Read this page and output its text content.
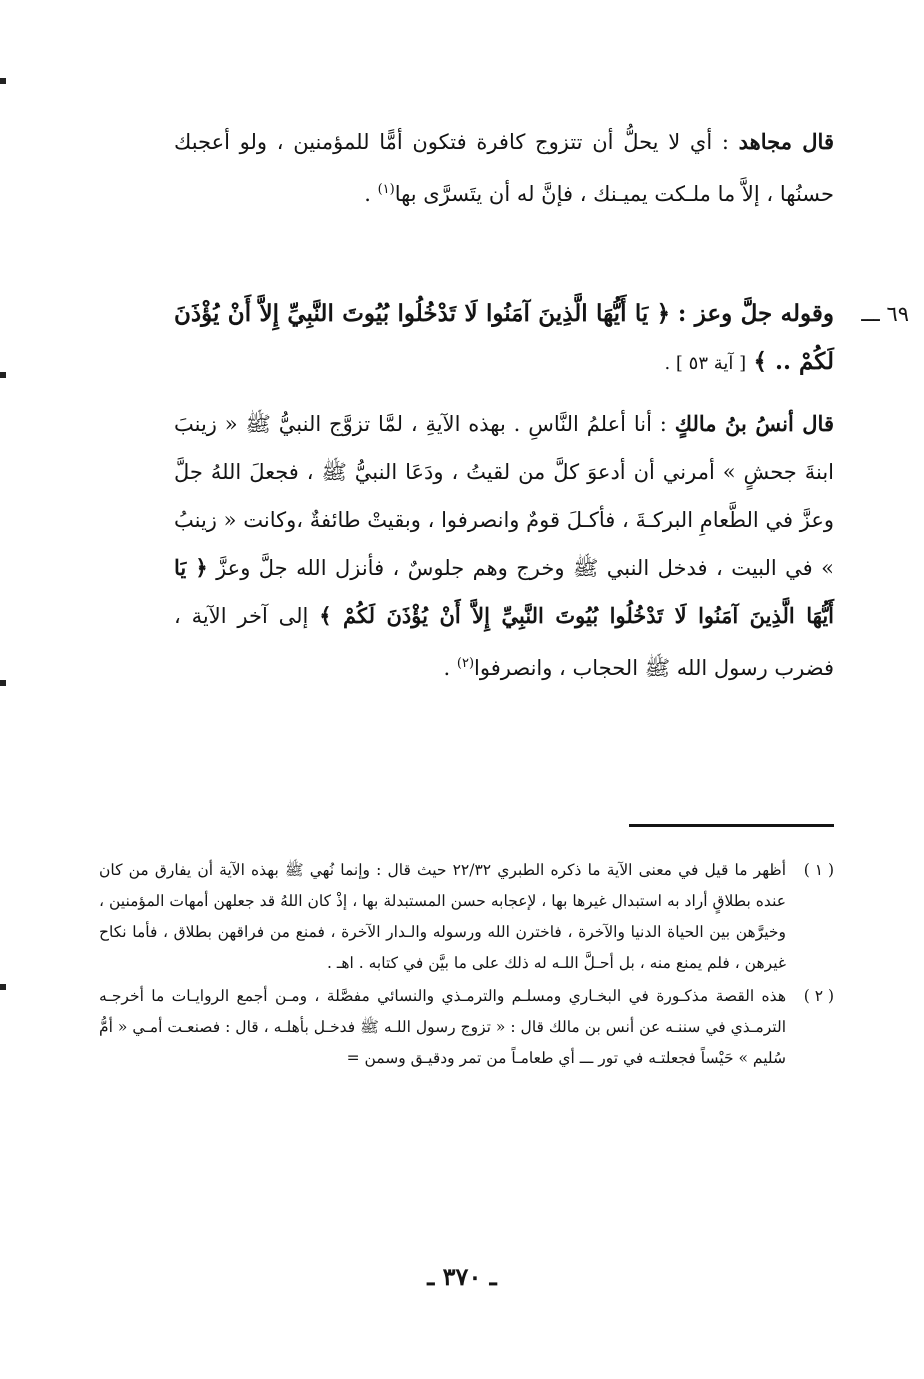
قال مجاهد : أي لا يحلُّ أن تتزوج كافرة فتكون أمًّا للمؤمنين ، ولو أعجبك حسنُها ، إلاَّ ما ملـكت يميـنك ، فإنَّ له أن يتَسرَّى بها$^{(١)}$ .
٦٩ ـــ
وقوله جلَّ وعز : ﴿ يَا أَيُّهَا الَّذِينَ آمَنُوا لَا تَدْخُلُوا بُيُوتَ النَّبِيِّ إِلاَّ أَنْ يُؤْذَنَ لَكُمْ .. ﴾ [ آية ٥٣ ] .
قال أنسُ بنُ مالكٍ : أنا أعلمُ النَّاسِ . بهذه الآيةِ ، لمَّا تزوَّج النبيُّ ﷺ « زينبَ ابنةَ جحشٍ » أمرني أن أدعوَ كلَّ من لقيتُ ، ودَعَا النبيُّ ﷺ ، فجعلَ اللهُ جلَّ وعزَّ في الطَّعامِ البركـةَ ، فأكـلَ قومٌ وانصرفوا ، وبقيتْ طائفةٌ ،وكانت « زينبُ » في البيت ، فدخل النبي ﷺ وخرج وهم جلوسٌ ، فأنزل الله جلَّ وعزَّ ﴿ يَا أَيُّهَا الَّذِينَ آمَنُوا لَا تَدْخُلُوا بُيُوتَ النَّبِيِّ إِلاَّ أَنْ يُؤْذَنَ لَكُمْ ﴾ إلى آخر الآية ، فضرب رسول الله ﷺ الحجاب ، وانصرفوا$^{(٢)}$ .
( ١ )
أظهر ما قيل في معنى الآية ما ذكره الطبري ٢٢/٣٢ حيث قال : وإنما نُهي ﷺ بهذه الآية أن يفارق من كان عنده بطلاقٍ أراد به استبدال غيرها بها ، لإعجابه حسن المستبدلة بها ، إذْ كان اللهُ قد جعلهن أمهات المؤمنين ، وخيرَّهن بين الحياة الدنيا والآخرة ، فاخترن الله ورسوله والـدار الآخرة ، فمنع من فراقهن بطلاق ، فأما نكاح غيرهن ، فلم يمنع منه ، بل أحـلَّ اللـه له ذلك على ما بيَّن في كتابه . اهـ .
( ٢ )
هذه القصة مذكـورة في البخـاري ومسلـم والترمـذي والنسائي مفصَّلة ، ومـن أجمع الروايـات ما أخرجـه الترمـذي في سننـه عن أنس بن مالك قال : « تزوج رسول اللـه ﷺ فدخـل بأهلـه ، قال : فصنعـت أمـي « أمُّ سُليم » حَيْساً فجعلتـه في تور ـــ أي طعامـاً من تمر ودقيـق وسمن =
ـ ٣٧٠ ـ
